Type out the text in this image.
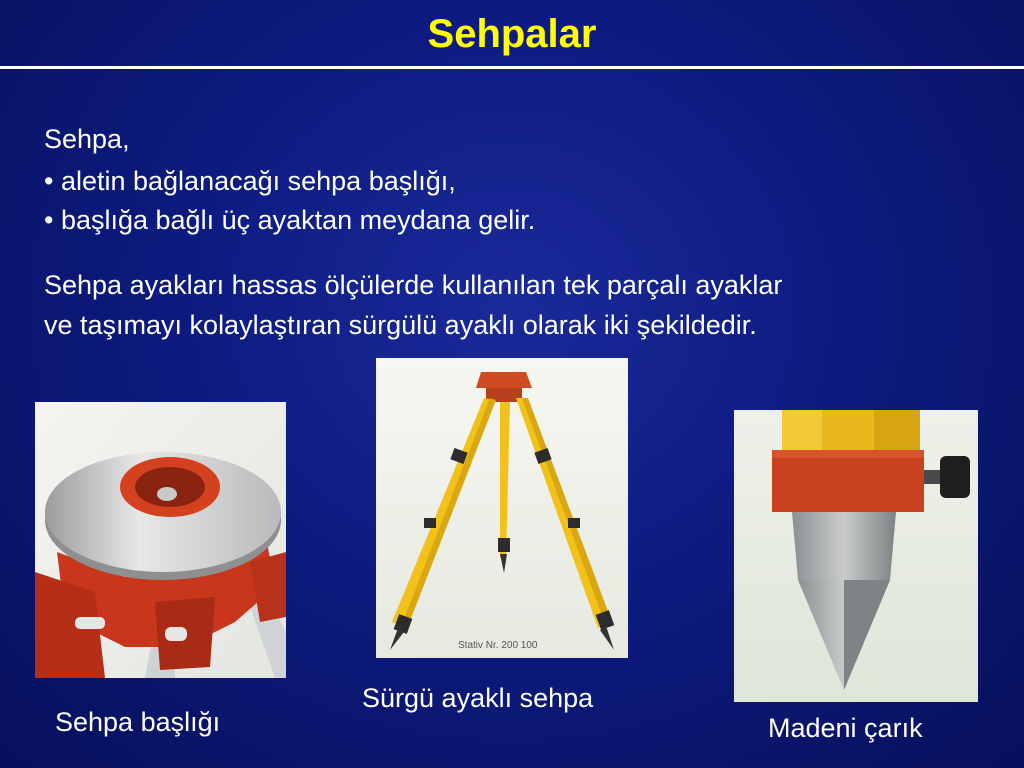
Sehpalar
Sehpa,
• aletin bağlanacağı sehpa başlığı,
• başlığa bağlı üç ayaktan meydana gelir.
Sehpa ayakları hassas ölçülerde kullanılan tek parçalı ayaklar
ve taşımayı kolaylaştıran sürgülü ayaklı olarak iki şekildedir.
Stativ Nr. 200 100
Sehpa başlığı
Sürgü ayaklı sehpa
Madeni çarık
